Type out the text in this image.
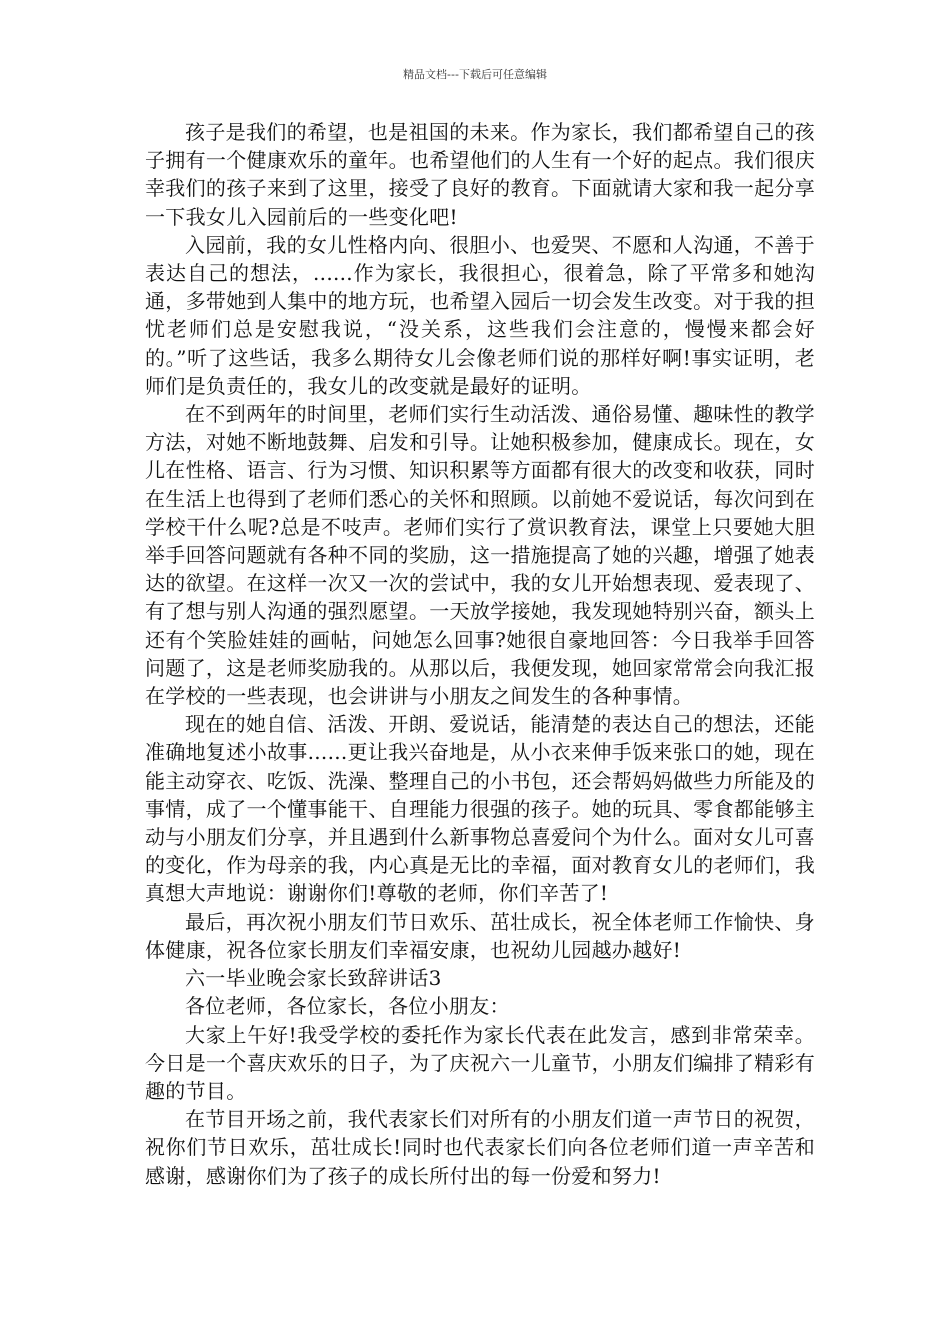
精品文档---下载后可任意编辑

孩子是我们的希望，也是祖国的未来。作为家长，我们都希望自己的孩子拥有一个健康欢乐的童年。也希望他们的人生有一个好的起点。我们很庆幸我们的孩子来到了这里，接受了良好的教育。下面就请大家和我一起分享一下我女儿入园前后的一些变化吧!

入园前，我的女儿性格内向、很胆小、也爱哭、不愿和人沟通，不善于表达自己的想法，......作为家长，我很担心，很着急，除了平常多和她沟通，多带她到人集中的地方玩，也希望入园后一切会发生改变。对于我的担忧老师们总是安慰我说，“没关系，这些我们会注意的，慢慢来都会好的。”听了这些话，我多么期待女儿会像老师们说的那样好啊!事实证明，老师们是负责任的，我女儿的改变就是最好的证明。

在不到两年的时间里，老师们实行生动活泼、通俗易懂、趣味性的教学方法，对她不断地鼓舞、启发和引导。让她积极参加，健康成长。现在，女儿在性格、语言、行为习惯、知识积累等方面都有很大的改变和收获，同时在生活上也得到了老师们悉心的关怀和照顾。以前她不爱说话，每次问到在学校干什么呢?总是不吱声。老师们实行了赏识教育法，课堂上只要她大胆举手回答问题就有各种不同的奖励，这一措施提高了她的兴趣，增强了她表达的欲望。在这样一次又一次的尝试中，我的女儿开始想表现、爱表现了、有了想与别人沟通的强烈愿望。一天放学接她，我发现她特别兴奋，额头上还有个笑脸娃娃的画帖，问她怎么回事?她很自豪地回答：今日我举手回答问题了，这是老师奖励我的。从那以后，我便发现，她回家常常会向我汇报在学校的一些表现，也会讲讲与小朋友之间发生的各种事情。

现在的她自信、活泼、开朗、爱说话，能清楚的表达自己的想法，还能准确地复述小故事......更让我兴奋地是，从小衣来伸手饭来张口的她，现在能主动穿衣、吃饭、洗澡、整理自己的小书包，还会帮妈妈做些力所能及的事情，成了一个懂事能干、自理能力很强的孩子。她的玩具、零食都能够主动与小朋友们分享，并且遇到什么新事物总喜爱问个为什么。面对女儿可喜的变化，作为母亲的我，内心真是无比的幸福，面对教育女儿的老师们，我真想大声地说：谢谢你们!尊敬的老师，你们辛苦了!

最后，再次祝小朋友们节日欢乐、茁壮成长，祝全体老师工作愉快、身体健康，祝各位家长朋友们幸福安康，也祝幼儿园越办越好!

六一毕业晚会家长致辞讲话3

各位老师，各位家长，各位小朋友：

大家上午好!我受学校的委托作为家长代表在此发言，感到非常荣幸。今日是一个喜庆欢乐的日子，为了庆祝六一儿童节，小朋友们编排了精彩有趣的节目。

在节目开场之前，我代表家长们对所有的小朋友们道一声节日的祝贺，祝你们节日欢乐，茁壮成长!同时也代表家长们向各位老师们道一声辛苦和感谢，感谢你们为了孩子的成长所付出的每一份爱和努力!
